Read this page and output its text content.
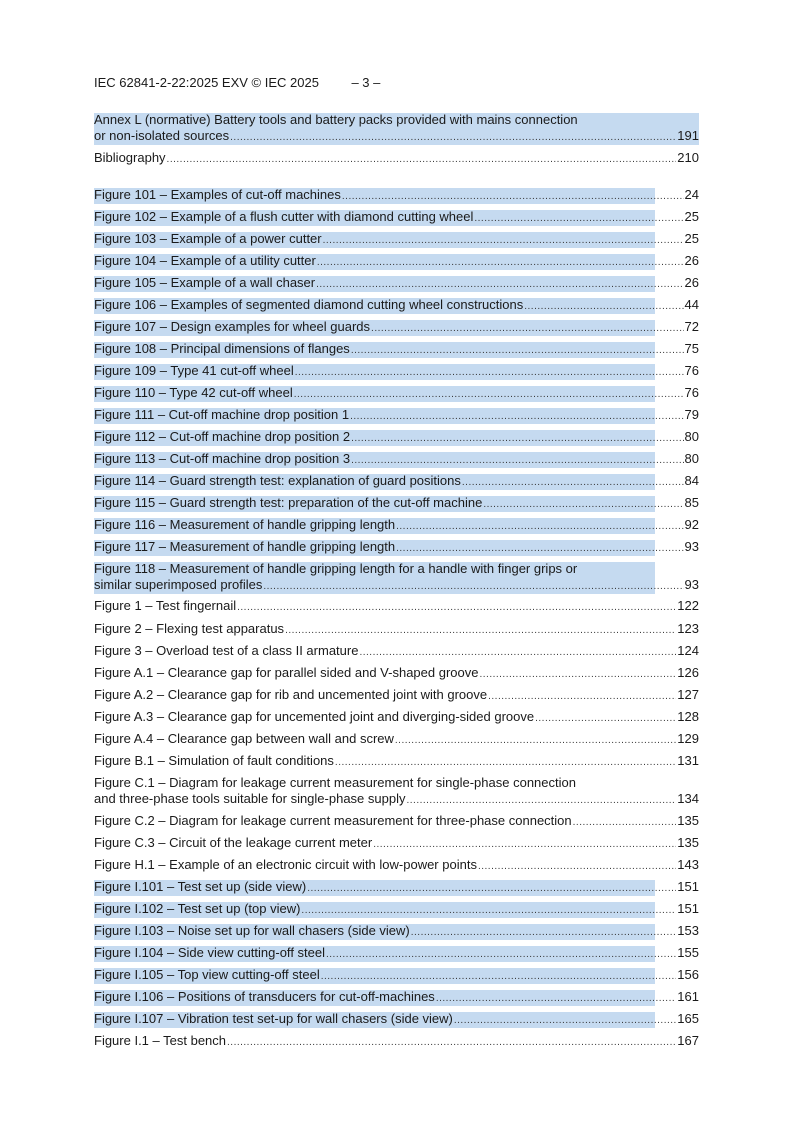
IEC 62841-2-22:2025 EXV © IEC 2025         – 3 –
Annex L (normative) Battery tools and battery packs provided with mains connection
or non-isolated sources .....	191
Bibliography .....	210
Figure 101 – Examples of cut-off machines .....	24
Figure 102 – Example of a flush cutter with diamond cutting wheel .....	25
Figure 103 – Example of a power cutter .....	25
Figure 104 – Example of a utility cutter .....	26
Figure 105 – Example of a wall chaser .....	26
Figure 106 – Examples of segmented diamond cutting wheel constructions .....	44
Figure 107 – Design examples for wheel guards .....	72
Figure 108 – Principal dimensions of flanges .....	75
Figure 109 – Type 41 cut-off wheel .....	76
Figure 110 – Type 42 cut-off wheel .....	76
Figure 111 – Cut-off machine drop position 1 .....	79
Figure 112 – Cut-off machine drop position 2 .....	80
Figure 113 – Cut-off machine drop position 3 .....	80
Figure 114 – Guard strength test: explanation of guard positions .....	84
Figure 115 – Guard strength test: preparation of the cut-off machine .....	85
Figure 116 – Measurement of handle gripping length .....	92
Figure 117 – Measurement of handle gripping length .....	93
Figure 118 – Measurement of handle gripping length for a handle with finger grips or
similar superimposed profiles .....	93
Figure 1 – Test fingernail .....	122
Figure 2 – Flexing test apparatus .....	123
Figure 3 – Overload test of a class II armature .....	124
Figure A.1 – Clearance gap for parallel sided and V-shaped groove .....	126
Figure A.2 – Clearance gap for rib and uncemented joint with groove .....	127
Figure A.3 – Clearance gap for uncemented joint and diverging-sided groove .....	128
Figure A.4 – Clearance gap between wall and screw .....	129
Figure B.1 – Simulation of fault conditions .....	131
Figure C.1 – Diagram for leakage current measurement for single-phase connection
and three-phase tools suitable for single-phase supply .....	134
Figure C.2 – Diagram for leakage current measurement for three-phase connection .....	135
Figure C.3 – Circuit of the leakage current meter .....	135
Figure H.1 – Example of an electronic circuit with low-power points .....	143
Figure I.101 – Test set up (side view) .....	151
Figure I.102 – Test set up (top view) .....	151
Figure I.103 – Noise set up for wall chasers (side view) .....	153
Figure I.104 – Side view cutting-off steel .....	155
Figure I.105 – Top view cutting-off steel .....	156
Figure I.106 – Positions of transducers for cut-off-machines .....	161
Figure I.107 – Vibration test set-up for wall chasers (side view) .....	165
Figure I.1 – Test bench .....	167
